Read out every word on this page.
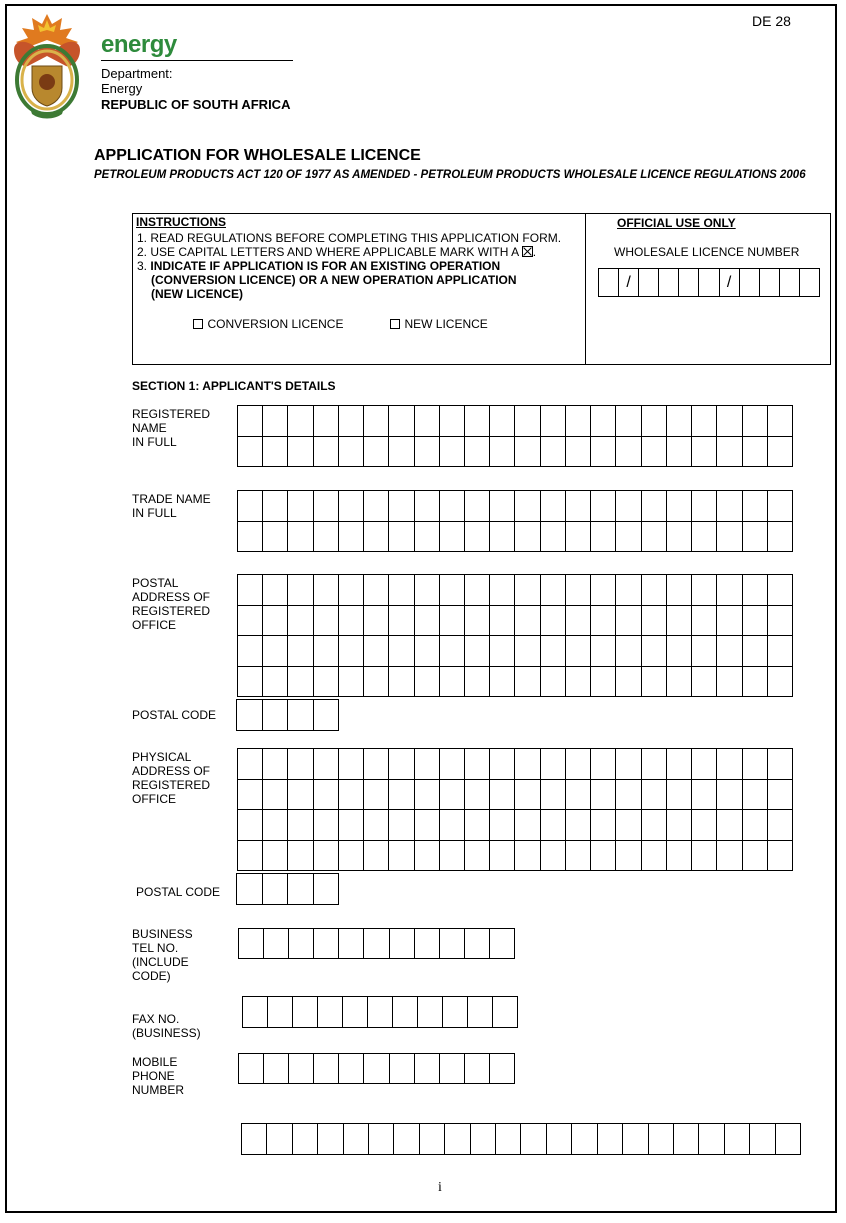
DE 28
energy
Department:
Energy
REPUBLIC OF SOUTH AFRICA
APPLICATION FOR WHOLESALE LICENCE
PETROLEUM PRODUCTS ACT 120 OF 1977 AS AMENDED - PETROLEUM PRODUCTS WHOLESALE LICENCE REGULATIONS 2006
INSTRUCTIONS
1. READ REGULATIONS BEFORE COMPLETING THIS APPLICATION FORM.
2. USE CAPITAL LETTERS AND WHERE APPLICABLE MARK WITH A .
3. INDICATE IF APPLICATION IS FOR AN EXISTING OPERATION
(CONVERSION LICENCE) OR A NEW OPERATION APPLICATION
(NEW LICENCE)
CONVERSION LICENCE	NEW LICENCE
OFFICIAL USE ONLY
WHOLESALE LICENCE NUMBER
/	/
SECTION 1: APPLICANT'S DETAILS
REGISTERED
NAME
IN FULL
TRADE NAME
IN FULL
POSTAL
ADDRESS OF
REGISTERED
OFFICE
POSTAL CODE
PHYSICAL
ADDRESS OF
REGISTERED
OFFICE
POSTAL CODE
BUSINESS
TEL NO.
(INCLUDE
CODE)
FAX NO.
(BUSINESS)
MOBILE
PHONE
NUMBER
i
